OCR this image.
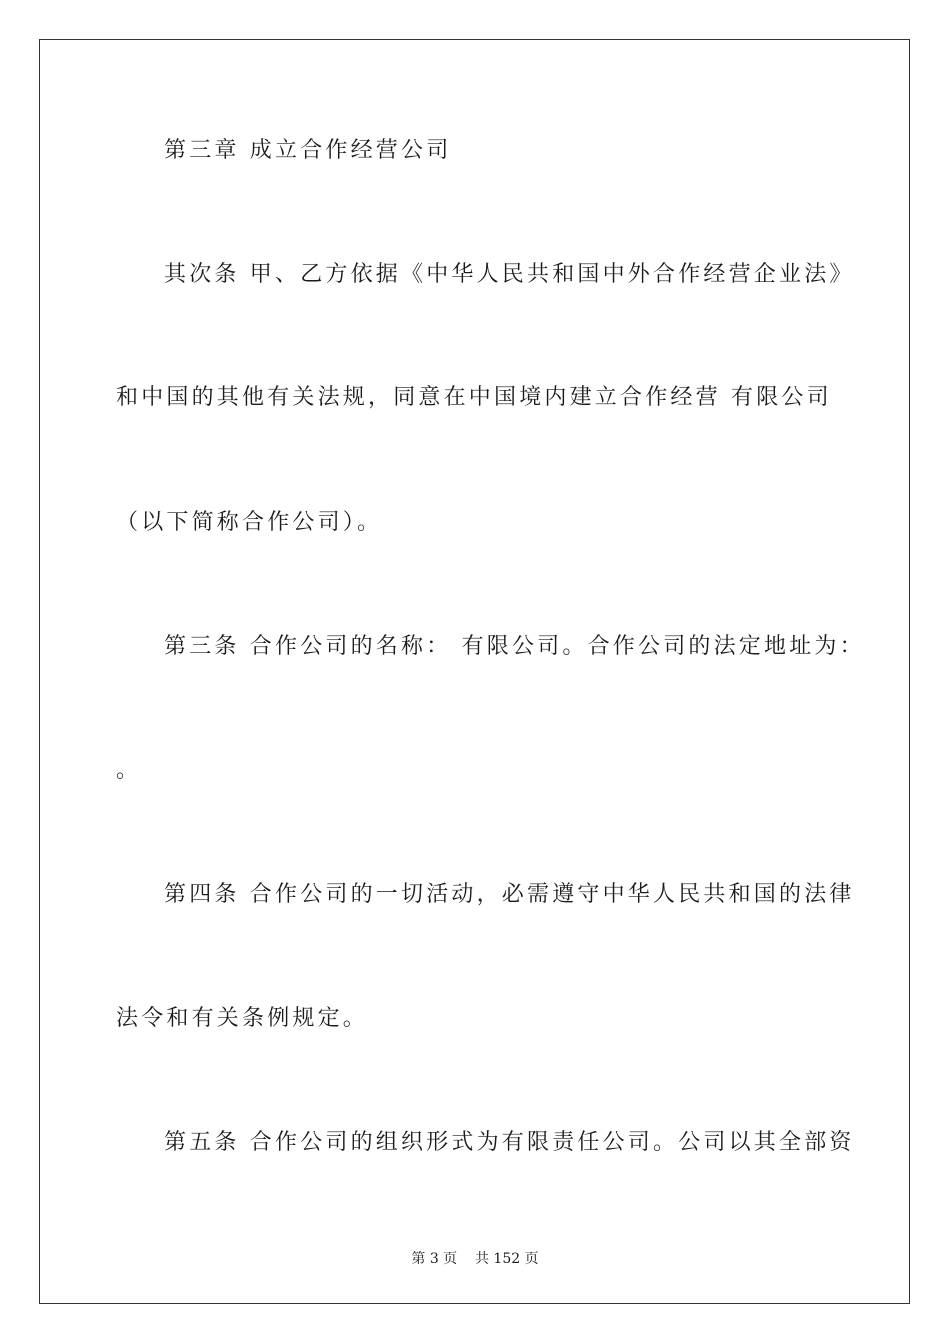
第三章 成立合作经营公司
其次条 甲、乙方依据《中华人民共和国中外合作经营企业法》
和中国的其他有关法规，同意在中国境内建立合作经营 有限公司
（以下简称合作公司）。
第三条 合作公司的名称： 有限公司。合作公司的法定地址为：
。
第四条 合作公司的一切活动，必需遵守中华人民共和国的法律
法令和有关条例规定。
第五条 合作公司的组织形式为有限责任公司。公司以其全部资
第 3 页    共 152 页
